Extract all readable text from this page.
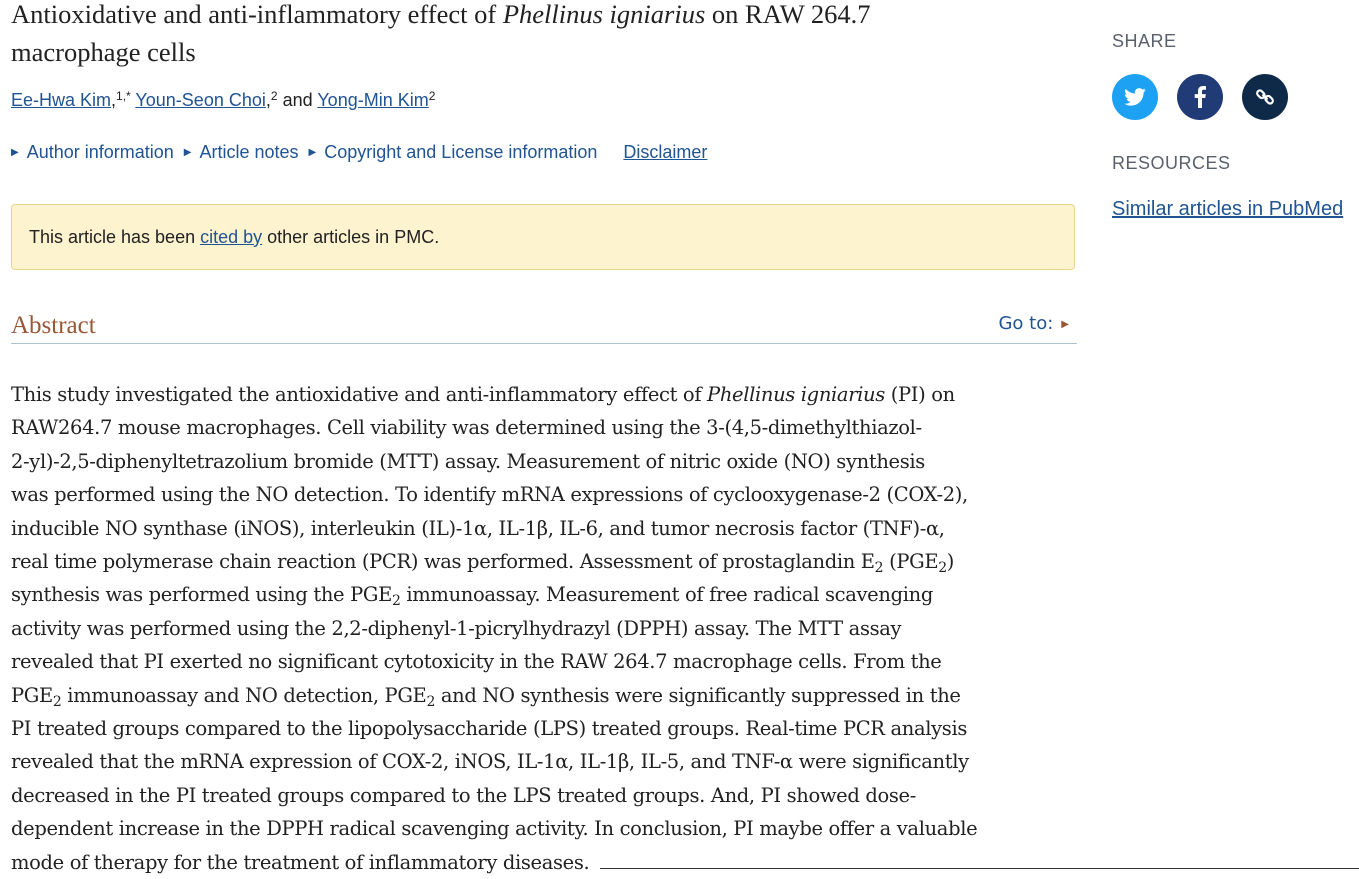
Antioxidative and anti-inflammatory effect of Phellinus igniarius on RAW 264.7
macrophage cells
Ee-Hwa Kim,$^{1,*}$ Youn-Seon Choi,$^2$ and Yong-Min Kim$^2$
▶ Author information ▶ Article notes ▶ Copyright and License information Disclaimer
This article has been cited by other articles in PMC.
Abstract	Go to: ▶
This study investigated the antioxidative and anti-inflammatory effect of Phellinus igniarius (PI) on
RAW264.7 mouse macrophages. Cell viability was determined using the 3-(4,5-dimethylthiazol-
2-yl)-2,5-diphenyltetrazolium bromide (MTT) assay. Measurement of nitric oxide (NO) synthesis
was performed using the NO detection. To identify mRNA expressions of cyclooxygenase-2 (COX-2),
inducible NO synthase (iNOS), interleukin (IL)-1α, IL-1β, IL-6, and tumor necrosis factor (TNF)-α,
real time polymerase chain reaction (PCR) was performed. Assessment of prostaglandin $E_2$ $(PGE_2)$
synthesis was performed using the $PGE_2$ immunoassay. Measurement of free radical scavenging
activity was performed using the 2,2-diphenyl-1-picrylhydrazyl (DPPH) assay. The MTT assay
revealed that PI exerted no significant cytotoxicity in the RAW 264.7 macrophage cells. From the
$PGE_2$ immunoassay and NO detection, $PGE_2$ and NO synthesis were significantly suppressed in the
PI treated groups compared to the lipopolysaccharide (LPS) treated groups. Real-time PCR analysis
revealed that the mRNA expression of COX-2, iNOS, IL-1α, IL-1β, IL-5, and TNF-α were significantly
decreased in the PI treated groups compared to the LPS treated groups. And, PI showed dose-
dependent increase in the DPPH radical scavenging activity. In conclusion, PI maybe offer a valuable
mode of therapy for the treatment of inflammatory diseases.
SHARE
RESOURCES
Similar articles in PubMed
